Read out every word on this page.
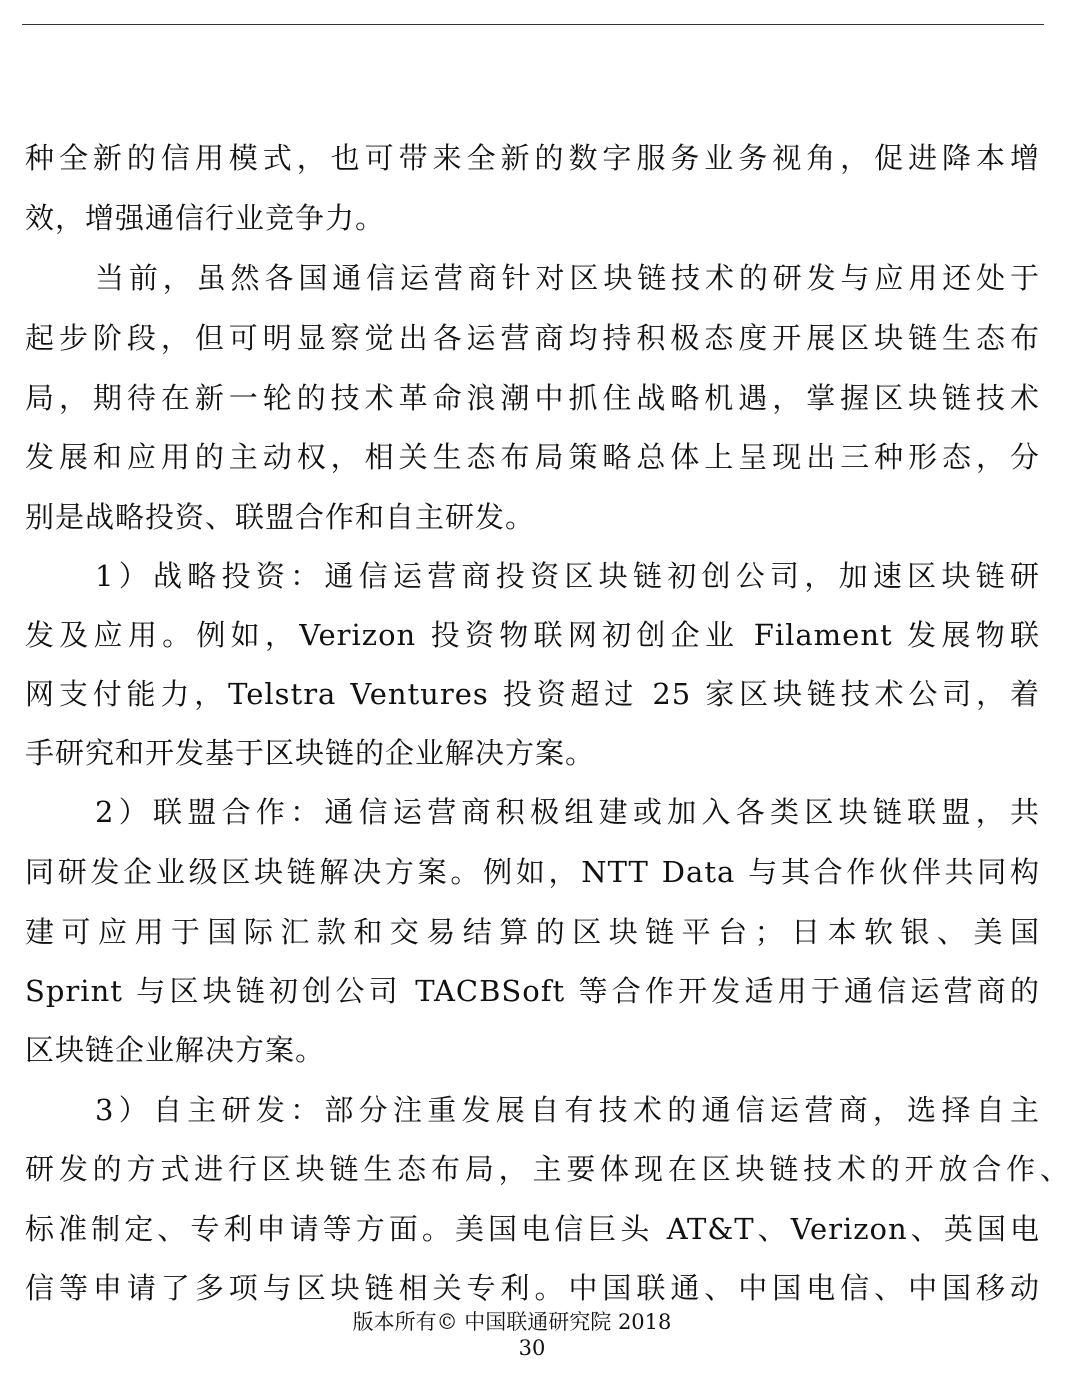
种全新的信用模式，也可带来全新的数字服务业务视角，促进降本增
效，增强通信行业竞争力。
当前，虽然各国通信运营商针对区块链技术的研发与应用还处于
起步阶段，但可明显察觉出各运营商均持积极态度开展区块链生态布
局，期待在新一轮的技术革命浪潮中抓住战略机遇，掌握区块链技术
发展和应用的主动权，相关生态布局策略总体上呈现出三种形态，分
别是战略投资、联盟合作和自主研发。
1）战略投资：通信运营商投资区块链初创公司，加速区块链研
发及应用。例如，Verizon 投资物联网初创企业 Filament 发展物联
网支付能力，Telstra Ventures 投资超过 25 家区块链技术公司，着
手研究和开发基于区块链的企业解决方案。
2）联盟合作：通信运营商积极组建或加入各类区块链联盟，共
同研发企业级区块链解决方案。例如，NTT Data 与其合作伙伴共同构
建可应用于国际汇款和交易结算的区块链平台；日本软银、美国
Sprint 与区块链初创公司 TACBSoft 等合作开发适用于通信运营商的
区块链企业解决方案。
3）自主研发：部分注重发展自有技术的通信运营商，选择自主
研发的方式进行区块链生态布局，主要体现在区块链技术的开放合作、
标准制定、专利申请等方面。美国电信巨头 AT&T、Verizon、英国电
信等申请了多项与区块链相关专利。中国联通、中国电信、中国移动
版本所有© 中国联通研究院 2018
30
